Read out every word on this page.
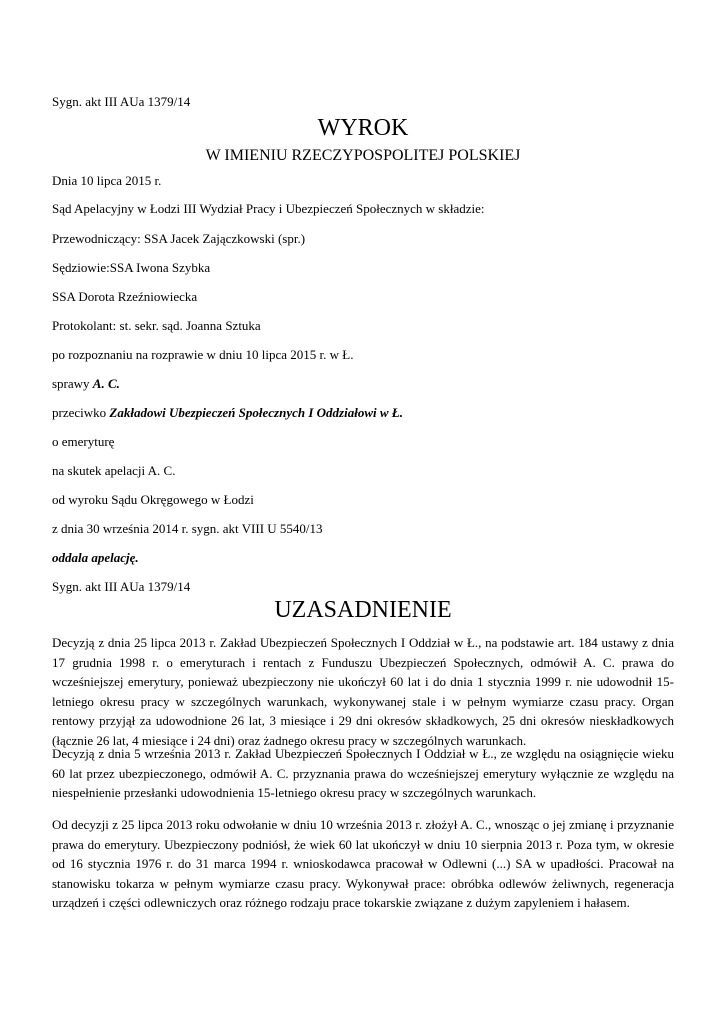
Sygn. akt III AUa 1379/14
WYROK
W IMIENIU RZECZYPOSPOLITEJ POLSKIEJ
Dnia 10 lipca 2015 r.
Sąd Apelacyjny w Łodzi III Wydział Pracy i Ubezpieczeń Społecznych w składzie:
Przewodniczący: SSA Jacek Zajączkowski (spr.)
Sędziowie:SSA Iwona Szybka
SSA Dorota Rzeźniowiecka
Protokolant: st. sekr. sąd. Joanna Sztuka
po rozpoznaniu na rozprawie w dniu 10 lipca 2015 r. w Ł.
sprawy A. C.
przeciwko Zakładowi Ubezpieczeń Społecznych I Oddziałowi w Ł.
o emeryturę
na skutek apelacji A. C.
od wyroku Sądu Okręgowego w Łodzi
z dnia 30 września 2014 r. sygn. akt VIII U 5540/13
oddala apelację.
Sygn. akt III AUa 1379/14
UZASADNIENIE
Decyzją z dnia 25 lipca 2013 r. Zakład Ubezpieczeń Społecznych I Oddział w Ł., na podstawie art. 184 ustawy z dnia 17 grudnia 1998 r. o emeryturach i rentach z Funduszu Ubezpieczeń Społecznych, odmówił A. C. prawa do wcześniejszej emerytury, ponieważ ubezpieczony nie ukończył 60 lat i do dnia 1 stycznia 1999 r. nie udowodnił 15-letniego okresu pracy w szczególnych warunkach, wykonywanej stale i w pełnym wymiarze czasu pracy. Organ rentowy przyjął za udowodnione 26 lat, 3 miesiące i 29 dni okresów składkowych, 25 dni okresów nieskładkowych (łącznie 26 lat, 4 miesiące i 24 dni) oraz żadnego okresu pracy w szczególnych warunkach.
Decyzją z dnia 5 września 2013 r. Zakład Ubezpieczeń Społecznych I Oddział w Ł., ze względu na osiągnięcie wieku 60 lat przez ubezpieczonego, odmówił A. C. przyznania prawa do wcześniejszej emerytury wyłącznie ze względu na niespełnienie przesłanki udowodnienia 15-letniego okresu pracy w szczególnych warunkach.
Od decyzji z 25 lipca 2013 roku odwołanie w dniu 10 września 2013 r. złożył A. C., wnosząc o jej zmianę i przyznanie prawa do emerytury. Ubezpieczony podniósł, że wiek 60 lat ukończył w dniu 10 sierpnia 2013 r. Poza tym, w okresie od 16 stycznia 1976 r. do 31 marca 1994 r. wnioskodawca pracował w Odlewni (...) SA w upadłości. Pracował na stanowisku tokarza w pełnym wymiarze czasu pracy. Wykonywał prace: obróbka odlewów żeliwnych, regeneracja urządzeń i części odlewniczych oraz różnego rodzaju prace tokarskie związane z dużym zapyleniem i hałasem.
